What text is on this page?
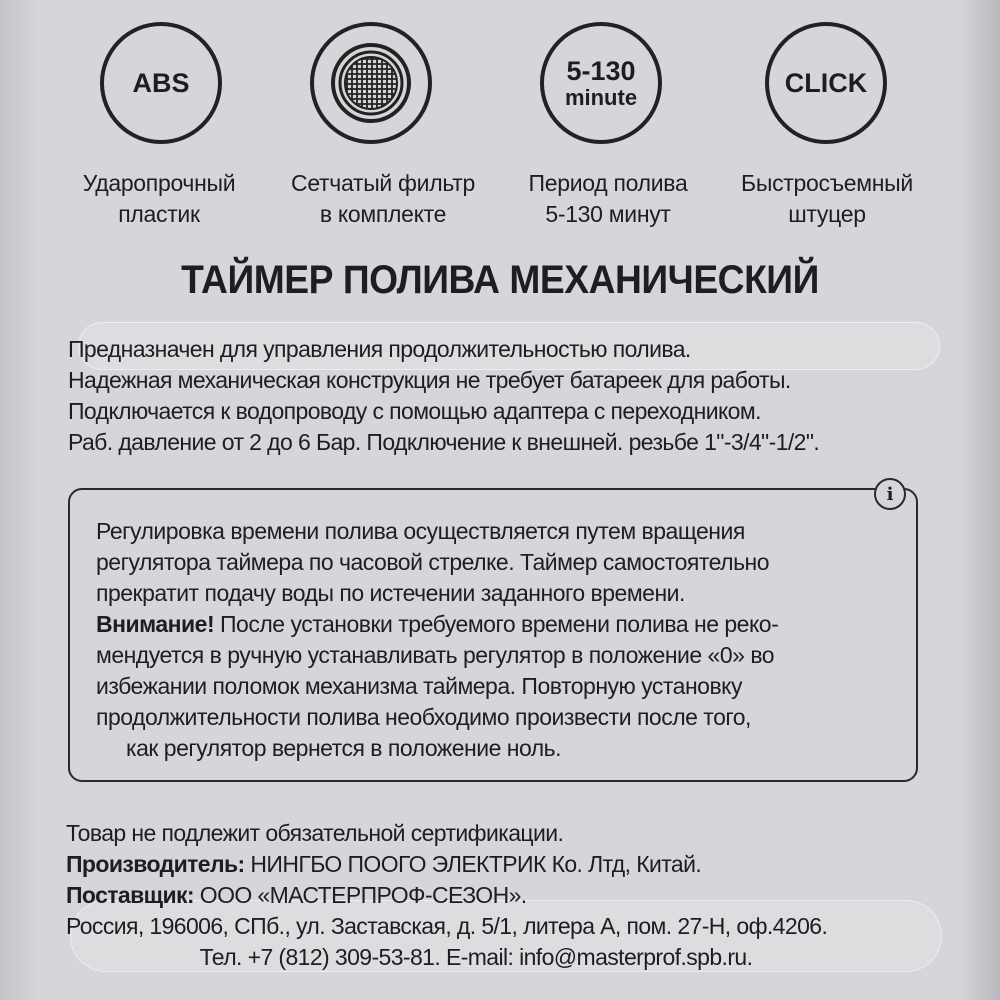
ABS	5-130
minute	CLICK
Ударопрочный
пластик
Сетчатый фильтр
в комплекте
Период полива
5-130 минут
Быстросъемный
штуцер
ТАЙМЕР ПОЛИВА МЕХАНИЧЕСКИЙ
Предназначен для управления продолжительностью полива.
Надежная механическая конструкция не требует батареек для работы.
Подключается к водопроводу с помощью адаптера с переходником.
Раб. давление от 2 до 6 Бар. Подключение к внешней. резьбе 1"-3/4"-1/2".
i
Регулировка времени полива осуществляется путем вращения
регулятора таймера по часовой стрелке. Таймер самостоятельно
прекратит подачу воды по истечении заданного времени.
Внимание! После установки требуемого времени полива не реко-
мендуется в ручную устанавливать регулятор в положение «0» во
избежании поломок механизма таймера. Повторную установку
продолжительности полива необходимо произвести после того,
как регулятор вернется в положение ноль.
Товар не подлежит обязательной сертификации.
Производитель: НИНГБО ПООГО ЭЛЕКТРИК Ко. Лтд, Китай.
Поставщик: ООО «МАСТЕРПРОФ-СЕЗОН».
Россия, 196006, СПб., ул. Заставская, д. 5/1, литера А, пом. 27-Н, оф.4206.
Тел. +7 (812) 309-53-81. E-mail: info@masterprof.spb.ru.
